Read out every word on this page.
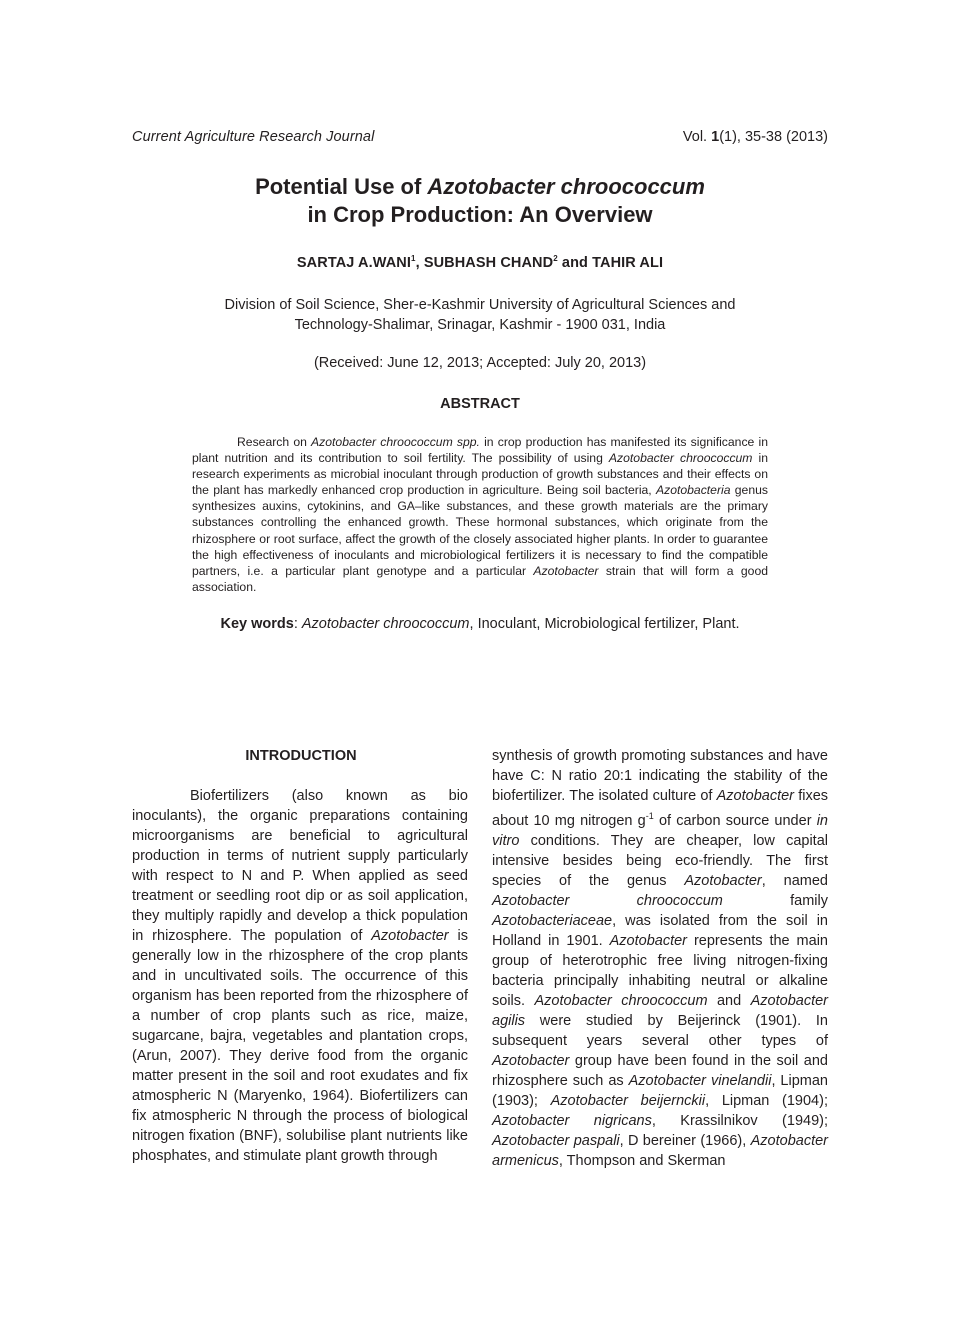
Current Agriculture Research Journal	Vol. 1(1), 35-38 (2013)
Potential Use of Azotobacter chroococcum
in Crop Production: An Overview
SARTAJ A.WANI$^1$, SUBHASH CHAND$^2$ and TAHIR ALI
Division of Soil Science, Sher-e-Kashmir University of Agricultural Sciences and
Technology-Shalimar, Srinagar, Kashmir - 1900 031, India
(Received: June 12, 2013; Accepted: July 20, 2013)
ABSTRACT

Research on Azotobacter chroococcum spp. in crop production has manifested its significance in plant nutrition and its contribution to soil fertility. The possibility of using Azotobacter chroococcum in research experiments as microbial inoculant through production of growth substances and their effects on the plant has markedly enhanced crop production in agriculture. Being soil bacteria, Azotobacteria genus synthesizes auxins, cytokinins, and GA–like substances, and these growth materials are the primary substances controlling the enhanced growth. These hormonal substances, which originate from the rhizosphere or root surface, affect the growth of the closely associated higher plants. In order to guarantee the high effectiveness of inoculants and microbiological fertilizers it is necessary to find the compatible partners, i.e. a particular plant genotype and a particular Azotobacter strain that will form a good association.

Key words: Azotobacter chroococcum, Inoculant, Microbiological fertilizer, Plant.
INTRODUCTION

Biofertilizers (also known as bio inoculants), the organic preparations containing microorganisms are beneficial to agricultural production in terms of nutrient supply particularly with respect to N and P. When applied as seed treatment or seedling root dip or as soil application, they multiply rapidly and develop a thick population in rhizosphere. The population of Azotobacter is generally low in the rhizosphere of the crop plants and in uncultivated soils. The occurrence of this organism has been reported from the rhizosphere of a number of crop plants such as rice, maize, sugarcane, bajra, vegetables and plantation crops, (Arun, 2007). They derive food from the organic matter present in the soil and root exudates and fix atmospheric N (Maryenko, 1964). Biofertilizers can fix atmospheric N through the process of biological nitrogen fixation (BNF), solubilise plant nutrients like phosphates, and stimulate plant growth through

synthesis of growth promoting substances and have have C: N ratio 20:1 indicating the stability of the biofertilizer. The isolated culture of Azotobacter fixes about 10 mg nitrogen $g^{-1}$ of carbon source under in vitro conditions. They are cheaper, low capital intensive besides being eco-friendly. The first species of the genus Azotobacter, named Azotobacter chroococcum family Azotobacteriaceae, was isolated from the soil in Holland in 1901. Azotobacter represents the main group of heterotrophic free living nitrogen-fixing bacteria principally inhabiting neutral or alkaline soils. Azotobacter chroococcum and Azotobacter agilis were studied by Beijerinck (1901). In subsequent years several other types of Azotobacter group have been found in the soil and rhizosphere such as Azotobacter vinelandii, Lipman (1903); Azotobacter beijernckii, Lipman (1904); Azotobacter nigricans, Krassilnikov (1949); Azotobacter paspali, D bereiner (1966), Azotobacter armenicus, Thompson and Skerman
